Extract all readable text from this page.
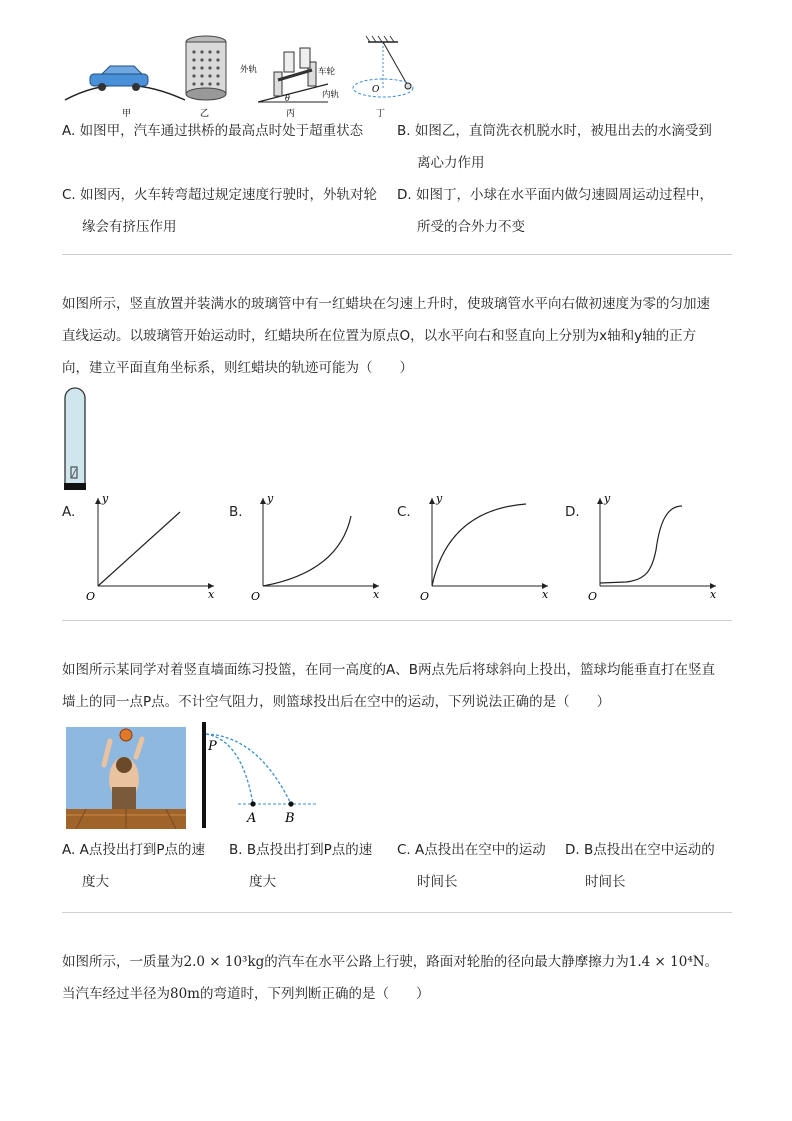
甲	乙
外轨	车轮
内轨
θ
丙
O
丁
A. 如图甲，汽车通过拱桥的最高点时处于超重状态	B. 如图乙，直筒洗衣机脱水时，被甩出去的水滴受到
离心力作用
C. 如图丙，火车转弯超过规定速度行驶时，外轨对轮
缘会有挤压作用
D. 如图丁，小球在水平面内做匀速圆周运动过程中，
所受的合外力不变
如图所示，竖直放置并装满水的玻璃管中有一红蜡块在匀速上升时，使玻璃管水平向右做初速度为零的匀加速
直线运动。以玻璃管开始运动时，红蜡块所在位置为原点O，以水平向右和竖直向上分别为x轴和y轴的正方
向，建立平面直角坐标系，则红蜡块的轨迹可能为（　　）
A.	B.	C.	D.
y
x
O
y
x
O
y
x
O
y
x
O
如图所示某同学对着竖直墙面练习投篮，在同一高度的A、B两点先后将球斜向上投出，篮球均能垂直打在竖直
墙上的同一点P点。不计空气阻力，则篮球投出后在空中的运动，下列说法正确的是（　　）
P
A B
A. A点投出打到P点的速
度大
B. B点投出打到P点的速
度大
C. A点投出在空中的运动
时间长
D. B点投出在空中运动的
时间长
如图所示，一质量为2.0 × 10³kg的汽车在水平公路上行驶，路面对轮胎的径向最大静摩擦力为1.4 × 10⁴N。
当汽车经过半径为80m的弯道时，下列判断正确的是（　　）
